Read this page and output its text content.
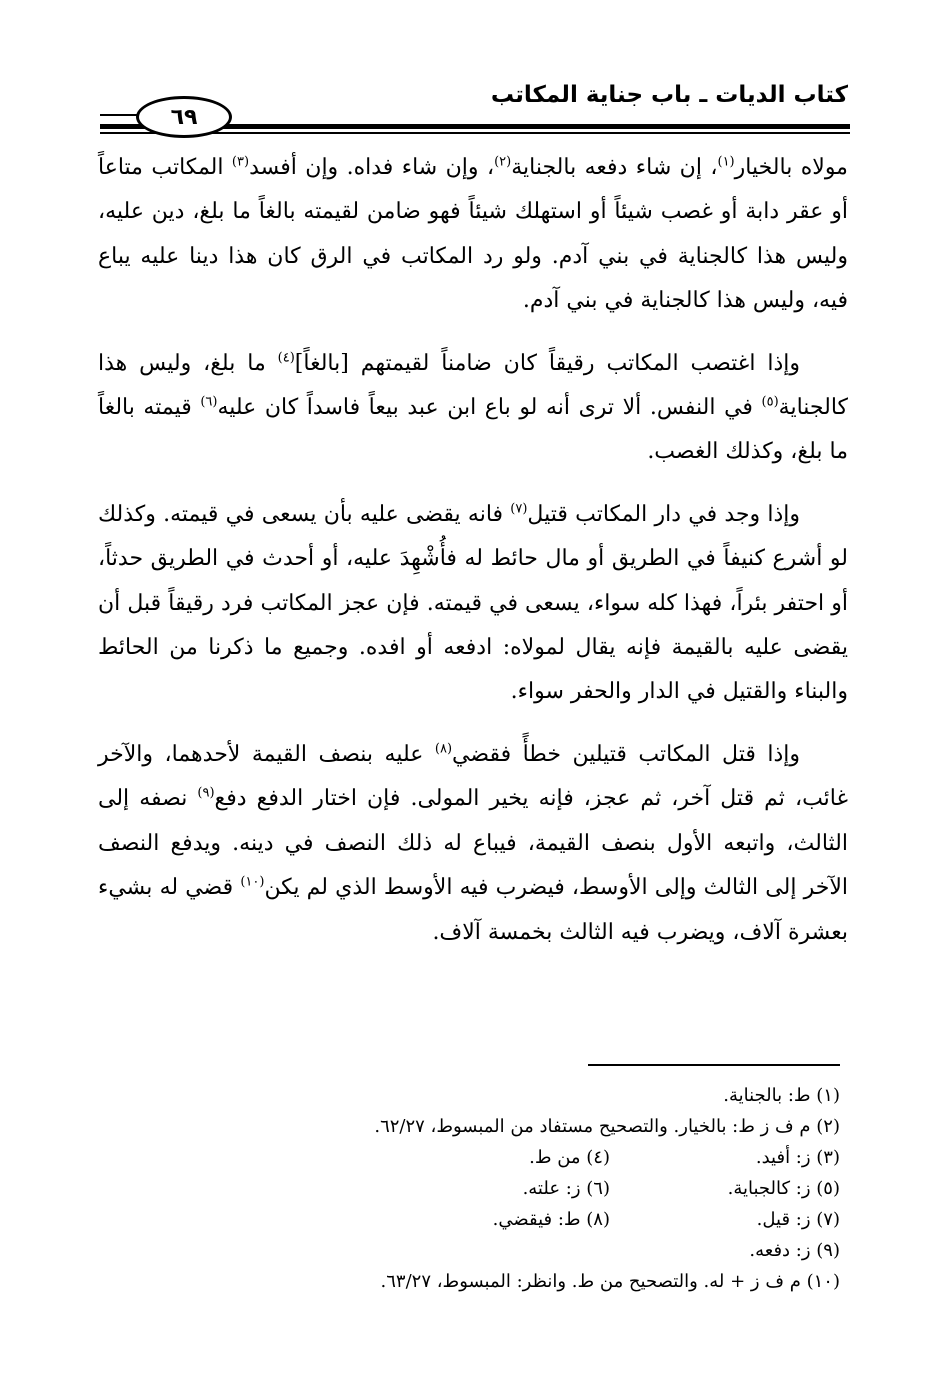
كتاب الديات ـ باب جناية المكاتب
٦٩

مولاه بالخيار$^{(١)}$، إن شاء دفعه بالجناية$^{(٢)}$، وإن شاء فداه. وإن أفسد$^{(٣)}$ المكاتب متاعاً أو عقر دابة أو غصب شيئاً أو استهلك شيئاً فهو ضامن لقيمته بالغاً ما بلغ، دين عليه، وليس هذا كالجناية في بني آدم. ولو رد المكاتب في الرق كان هذا دينا عليه يباع فيه، وليس هذا كالجناية في بني آدم.

وإذا اغتصب المكاتب رقيقاً كان ضامناً لقيمتهم [بالغاً]$^{(٤)}$ ما بلغ، وليس هذا كالجناية$^{(٥)}$ في النفس. ألا ترى أنه لو باع ابن عبد بيعاً فاسداً كان عليه$^{(٦)}$ قيمته بالغاً ما بلغ، وكذلك الغصب.

وإذا وجد في دار المكاتب قتيل$^{(٧)}$ فانه يقضى عليه بأن يسعى في قيمته. وكذلك لو أشرع كنيفاً في الطريق أو مال حائط له فأُشْهِدَ عليه، أو أحدث في الطريق حدثاً، أو احتفر بئراً، فهذا كله سواء، يسعى في قيمته. فإن عجز المكاتب فرد رقيقاً قبل أن يقضى عليه بالقيمة فإنه يقال لمولاه: ادفعه أو افده. وجميع ما ذكرنا من الحائط والبناء والقتيل في الدار والحفر سواء.

وإذا قتل المكاتب قتيلين خطأً فقضي$^{(٨)}$ عليه بنصف القيمة لأحدهما، والآخر غائب، ثم قتل آخر، ثم عجز، فإنه يخير المولى. فإن اختار الدفع دفع$^{(٩)}$ نصفه إلى الثالث، واتبعه الأول بنصف القيمة، فيباع له ذلك النصف في دينه. ويدفع النصف الآخر إلى الثالث وإلى الأوسط، فيضرب فيه الأوسط الذي لم يكن$^{(١٠)}$ قضي له بشيء بعشرة آلاف، ويضرب فيه الثالث بخمسة آلاف.

(١) ط: بالجناية.
(٢) م ف ز ط: بالخيار. والتصحيح مستفاد من المبسوط، ٦٢/٢٧.
(٣) ز: أفيد.
(٤) من ط.
(٥) ز: كالجباية.
(٦) ز: علته.
(٧) ز: قيل.
(٨) ط: فيقضي.
(٩) ز: دفعه.
(١٠) م ف ز + له. والتصحيح من ط. وانظر: المبسوط، ٦٣/٢٧.
